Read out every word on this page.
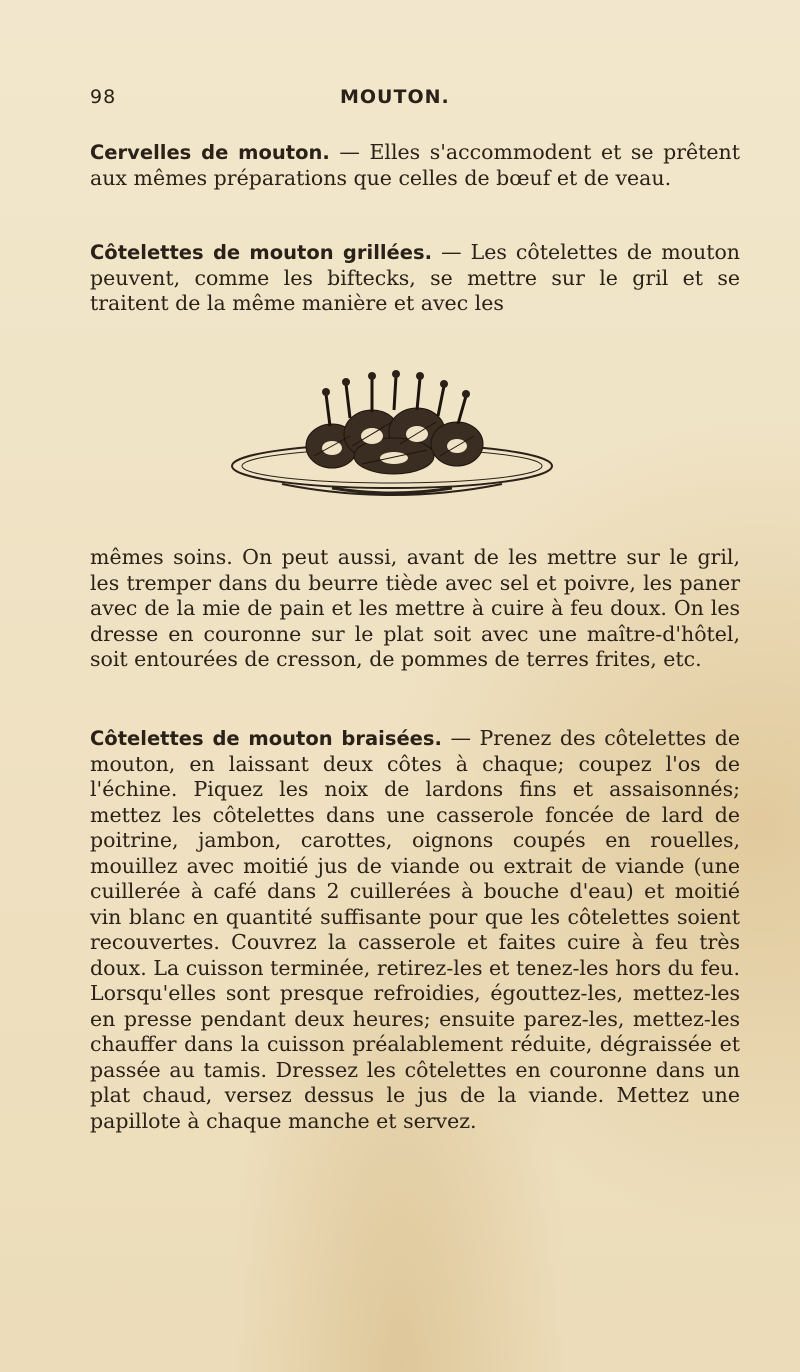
98	MOUTON.

Cervelles de mouton. — Elles s'accommodent et se prêtent aux mêmes préparations que celles de bœuf et de veau.

Côtelettes de mouton grillées. — Les côtelettes de mouton peuvent, comme les biftecks, se mettre sur le gril et se traitent de la même manière et avec les

mêmes soins. On peut aussi, avant de les mettre sur le gril, les tremper dans du beurre tiède avec sel et poivre, les paner avec de la mie de pain et les mettre à cuire à feu doux. On les dresse en couronne sur le plat soit avec une maître-d'hôtel, soit entourées de cresson, de pommes de terres frites, etc.

Côtelettes de mouton braisées. — Prenez des côtelettes de mouton, en laissant deux côtes à chaque; coupez l'os de l'échine. Piquez les noix de lardons fins et assaisonnés; mettez les côtelettes dans une casserole foncée de lard de poitrine, jambon, carottes, oignons coupés en rouelles, mouillez avec moitié jus de viande ou extrait de viande (une cuillerée à café dans 2 cuillerées à bouche d'eau) et moitié vin blanc en quantité suffisante pour que les côtelettes soient recouvertes. Couvrez la casserole et faites cuire à feu très doux. La cuisson terminée, retirez-les et tenez-les hors du feu. Lorsqu'elles sont presque refroidies, égouttez-les, mettez-les en presse pendant deux heures; ensuite parez-les, mettez-les chauffer dans la cuisson préalablement réduite, dégraissée et passée au tamis. Dressez les côtelettes en couronne dans un plat chaud, versez dessus le jus de la viande. Mettez une papillote à chaque manche et servez.
